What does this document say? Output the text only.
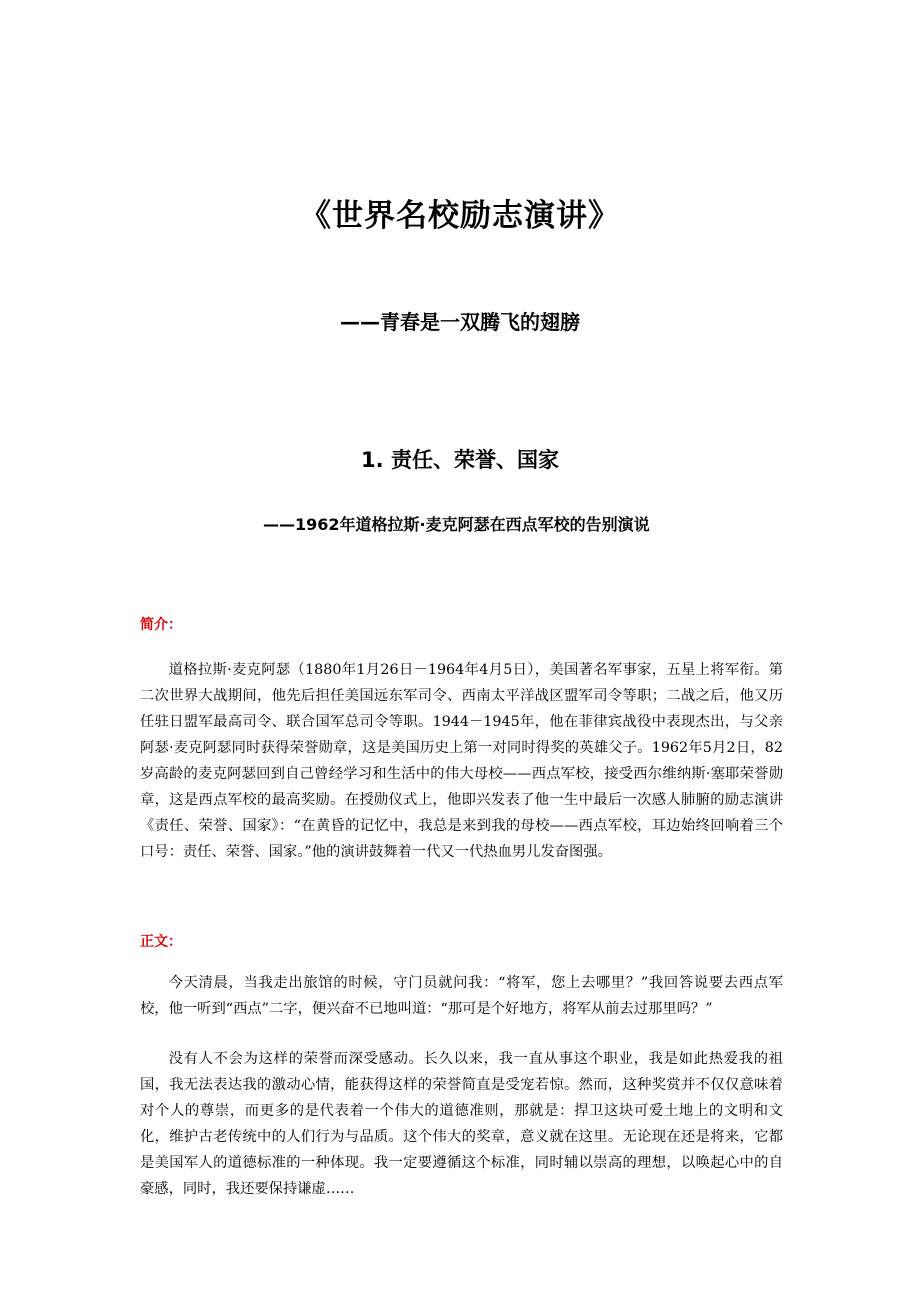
《世界名校励志演讲》
——青春是一双腾飞的翅膀
1. 责任、荣誉、国家
——1962年道格拉斯·麦克阿瑟在西点军校的告别演说
简介：

道格拉斯·麦克阿瑟（1880年1月26日－1964年4月5日），美国著名军事家，五星上将军衔。第二次世界大战期间，他先后担任美国远东军司令、西南太平洋战区盟军司令等职；二战之后，他又历任驻日盟军最高司令、联合国军总司令等职。1944－1945年，他在菲律宾战役中表现杰出，与父亲阿瑟·麦克阿瑟同时获得荣誉勋章，这是美国历史上第一对同时得奖的英雄父子。1962年5月2日，82岁高龄的麦克阿瑟回到自己曾经学习和生活中的伟大母校——西点军校，接受西尔维纳斯·塞耶荣誉勋章，这是西点军校的最高奖励。在授勋仪式上，他即兴发表了他一生中最后一次感人肺腑的励志演讲《责任、荣誉、国家》：“在黄昏的记忆中，我总是来到我的母校——西点军校，耳边始终回响着三个口号：责任、荣誉、国家。”他的演讲鼓舞着一代又一代热血男儿发奋图强。

正文：

今天清晨，当我走出旅馆的时候，守门员就问我：“将军，您上去哪里？”我回答说要去西点军校，他一听到“西点”二字，便兴奋不已地叫道：“那可是个好地方，将军从前去过那里吗？”

没有人不会为这样的荣誉而深受感动。长久以来，我一直从事这个职业，我是如此热爱我的祖国，我无法表达我的激动心情，能获得这样的荣誉简直是受宠若惊。然而，这种奖赏并不仅仅意味着对个人的尊崇，而更多的是代表着一个伟大的道德准则，那就是：捍卫这块可爱土地上的文明和文化，维护古老传统中的人们行为与品质。这个伟大的奖章，意义就在这里。无论现在还是将来，它都是美国军人的道德标准的一种体现。我一定要遵循这个标准，同时辅以崇高的理想，以唤起心中的自豪感，同时，我还要保持谦虚……
